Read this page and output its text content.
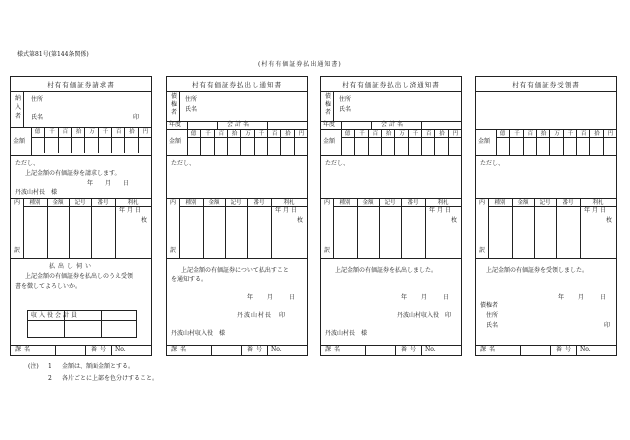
様式第81号(第144条関係)
(村有有価証券払出通知書)
村有有価証券請求書
納
入
者
住所
氏名	印
金額
億	千	百	拾	万	千	百	拾	円
ただし、
上記金額の有価証券を請求します。
年 月 日
丹波山村長　様
内
訳
種別	金額	記号	番号	利札
年月日
枚
払出し伺い
上記金額の有価証券を払出しのうえ受領
書を徴してよろしいか。
収入役会計員
課名	番号 No.
村有有価証券払出し通知書
債
権
者
住所
氏名
年度	会計名
金額
億	千	百	拾	万	千	百	拾	円
ただし、
内
訳
種別	金額	記号	番号	利札
年月日
枚
上記金額の有価証券について払出すこと
を通知する。
年 月	日
丹波山村長　印
丹波山村収入役　様
課名	番号 No.
村有有価証券払出し済通知書
債
権
者
住所
氏名
年度	会計名
金額
億	千	百	拾	万	千	百	拾	円
ただし、
内
訳
種別	金額	記号	番号	利札
年月日
枚
上記金額の有価証券を払出しました。
年 月	日
丹波山村収入役　印
丹波山村長　様
課名	番号 No.
村有有価証券受領書
金額
億	千	百	拾	万	千	百	拾	円
ただし、
内
訳
種別	金額	記号	番号	利札
年月日
枚
上記金額の有価証券を受領しました。
年 月	日
債権者
住所
氏名	印
課名	番号 No.
(注) 1 金額は、額面金額とする。
2 各片ごとに上部を色分けすること。
